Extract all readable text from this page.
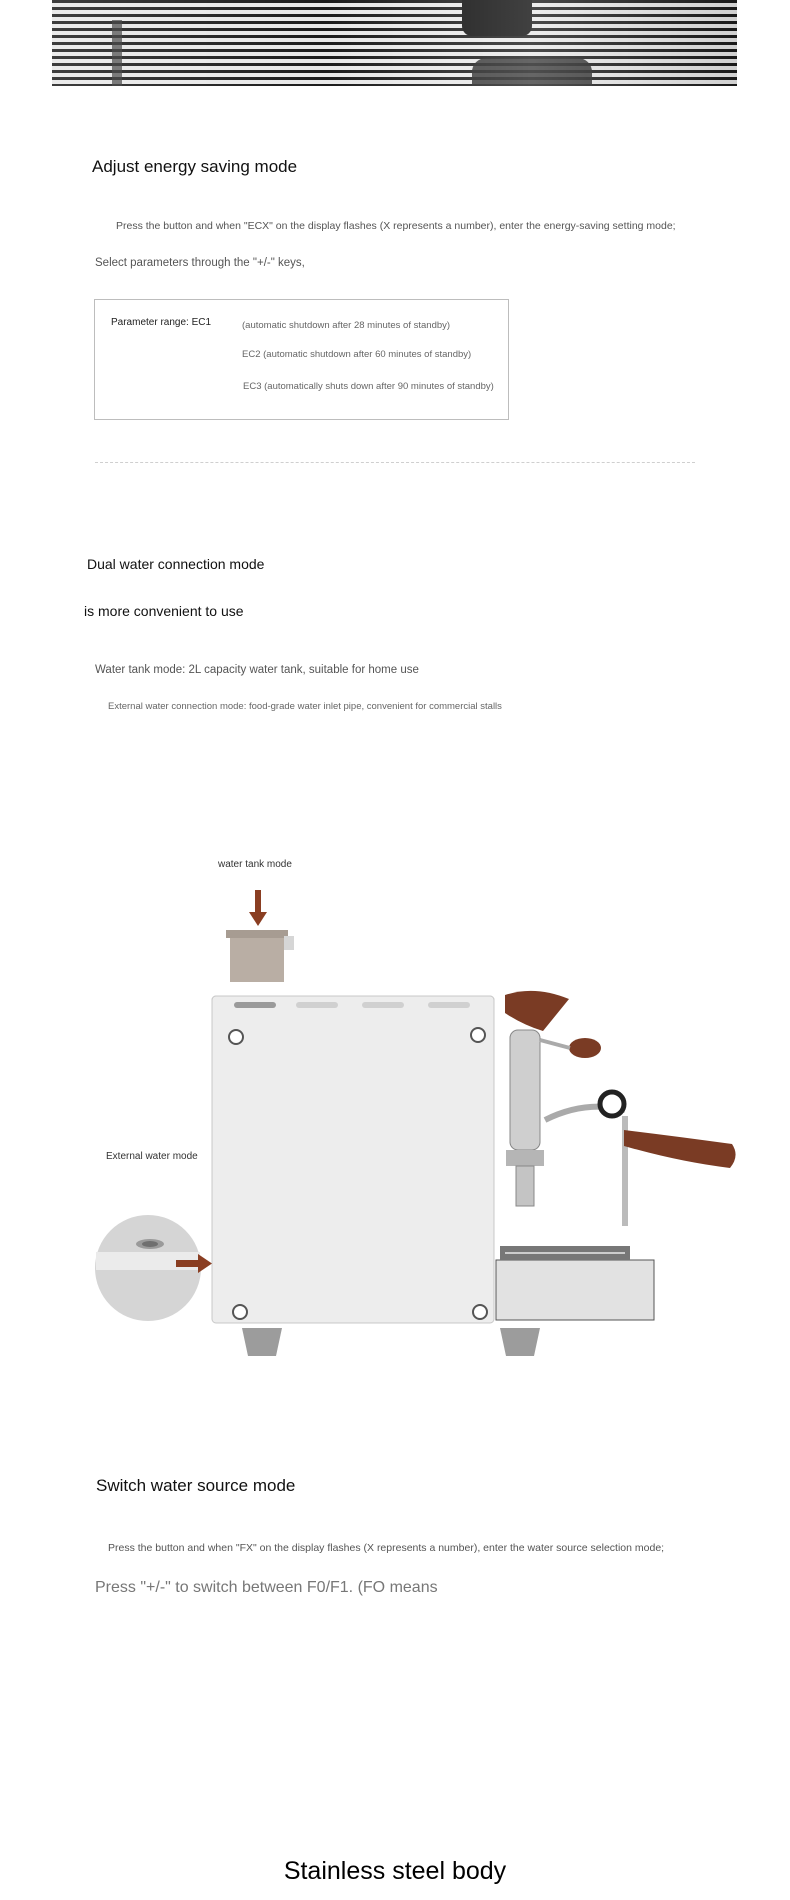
Adjust energy saving mode
Press the button and when "ECX" on the display flashes (X represents a number), enter the energy-saving setting mode;
Select parameters through the "+/-" keys,
Parameter range: EC1	(automatic shutdown after 28 minutes of standby)
EC2 (automatic shutdown after 60 minutes of standby)
EC3 (automatically shuts down after 90 minutes of standby)
Dual water connection mode
is more convenient to use
Water tank mode: 2L capacity water tank, suitable for home use
External water connection mode: food-grade water inlet pipe, convenient for commercial stalls
water tank mode
External water mode
Switch water source mode
Press the button and when "FX" on the display flashes (X represents a number), enter the water source selection mode;
Press "+/-" to switch between F0/F1. (FO means
Stainless steel body
